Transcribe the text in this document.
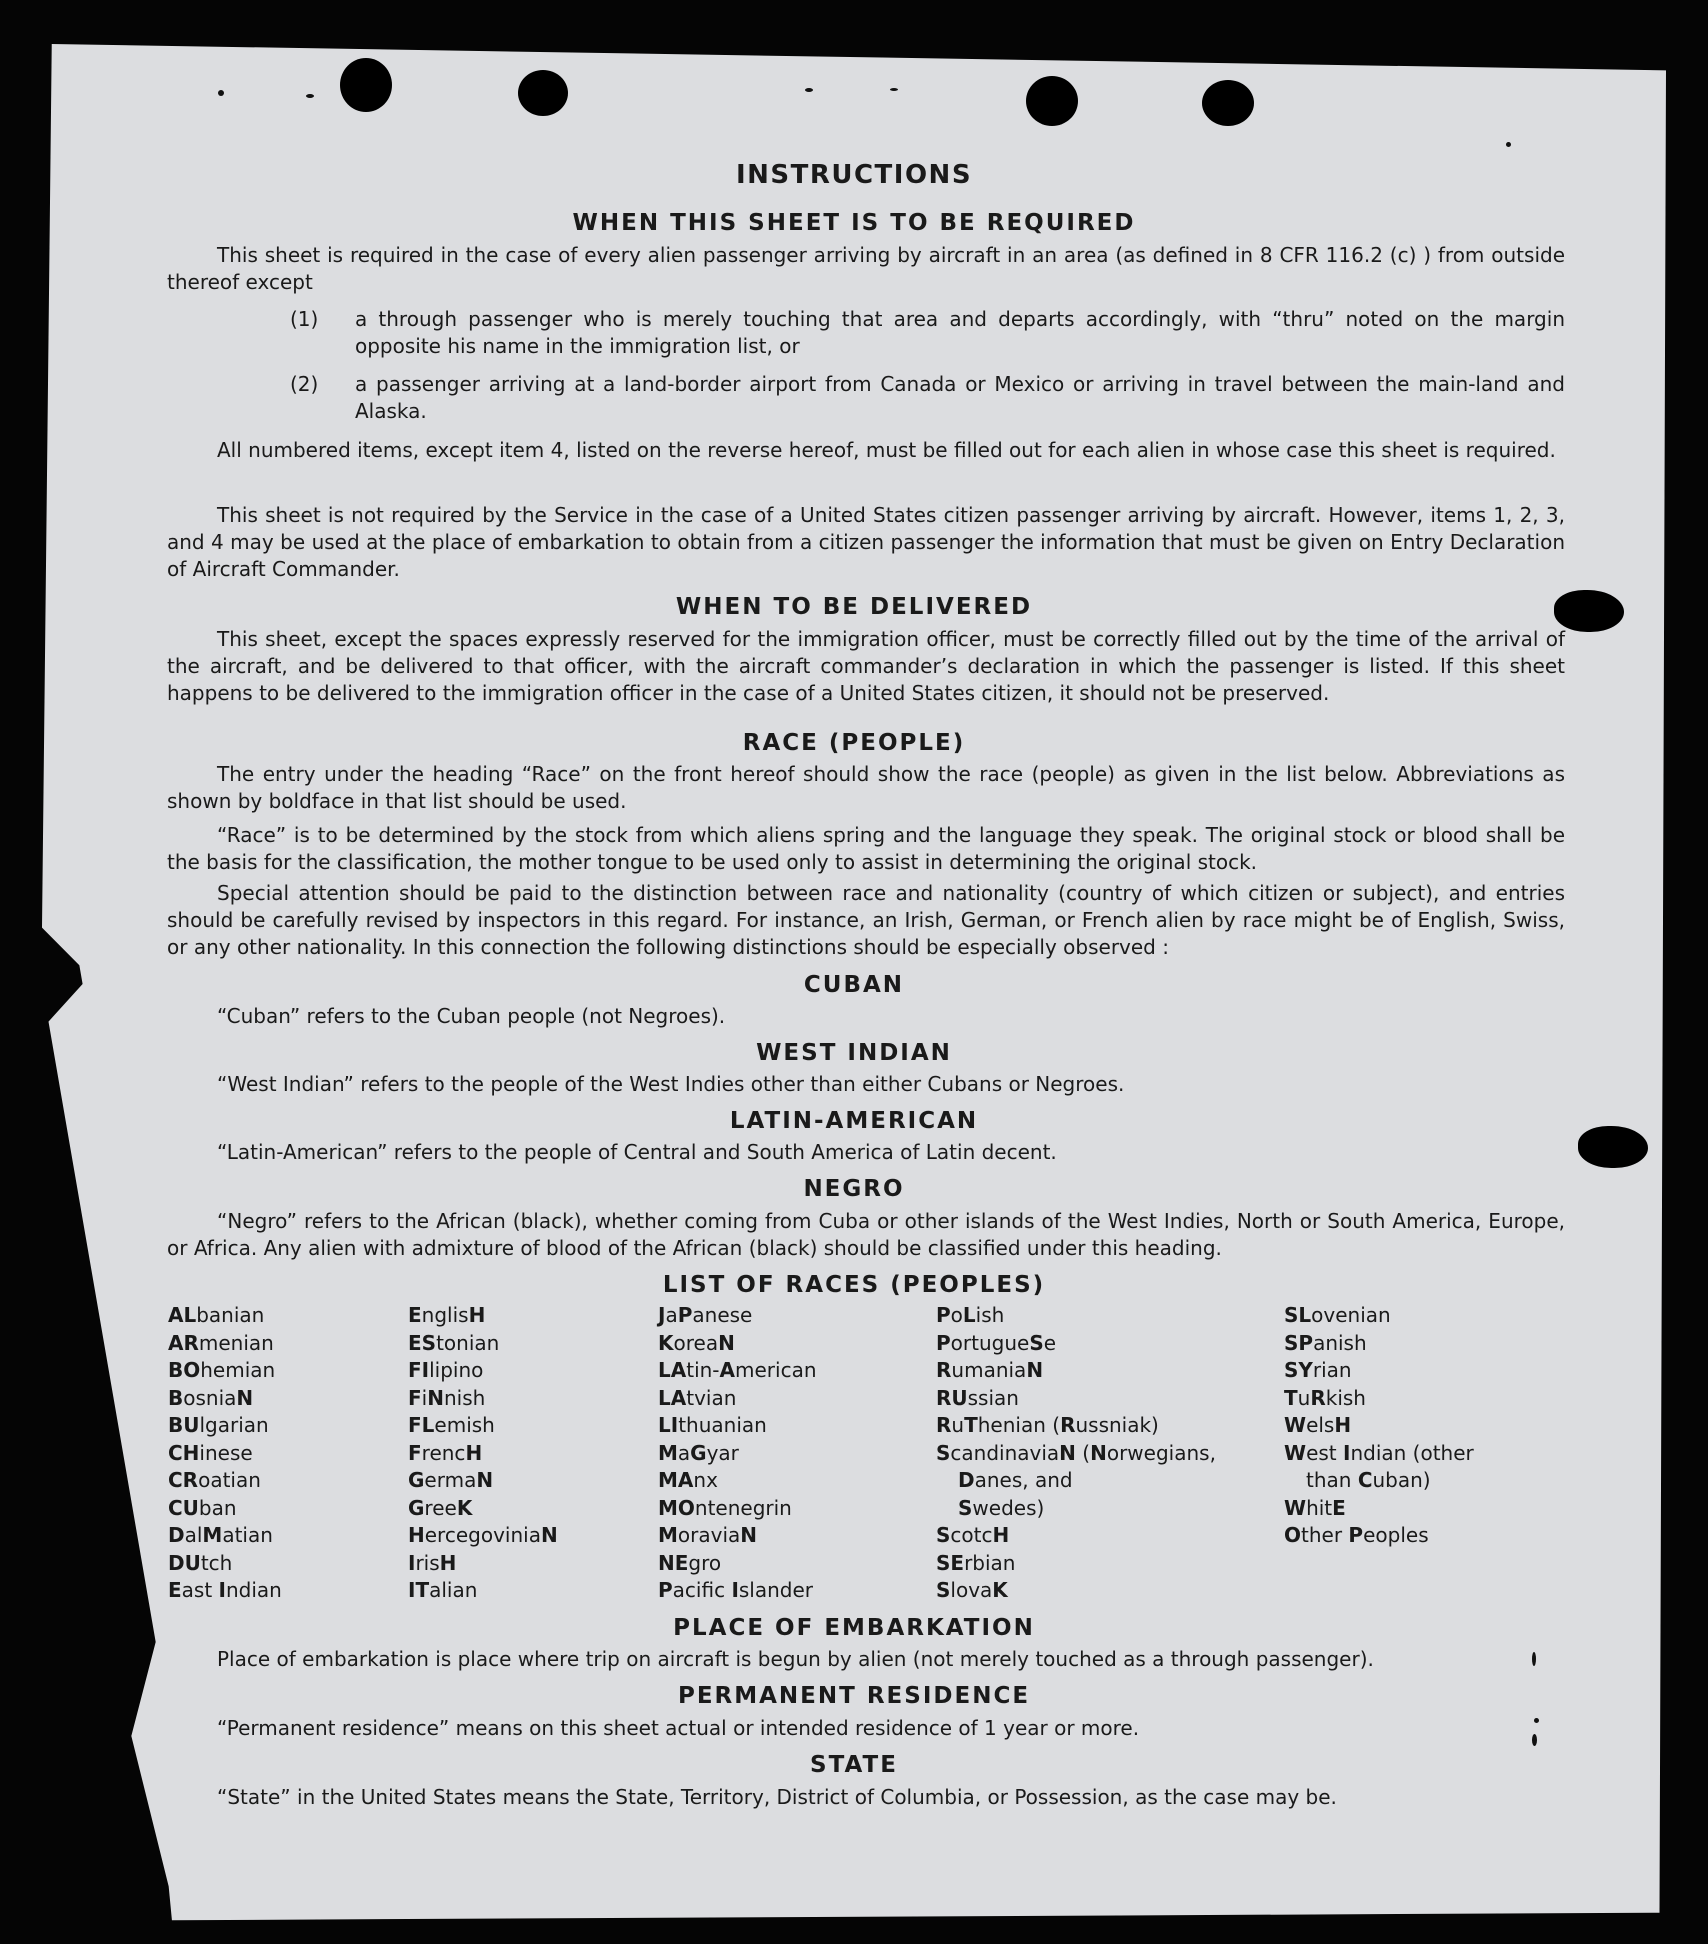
INSTRUCTIONS
WHEN THIS SHEET IS TO BE REQUIRED
This sheet is required in the case of every alien passenger arriving by aircraft in an area (as defined in 8 CFR 116.2 (c) ) from outside thereof except
(1) a through passenger who is merely touching that area and departs accordingly, with “thru” noted on the margin opposite his name in the immigration list, or
(2) a passenger arriving at a land-border airport from Canada or Mexico or arriving in travel between the main-land and Alaska.
All numbered items, except item 4, listed on the reverse hereof, must be filled out for each alien in whose case this sheet is required.
This sheet is not required by the Service in the case of a United States citizen passenger arriving by aircraft. However, items 1, 2, 3, and 4 may be used at the place of embarkation to obtain from a citizen passenger the information that must be given on Entry Declaration of Aircraft Commander.
WHEN TO BE DELIVERED
This sheet, except the spaces expressly reserved for the immigration officer, must be correctly filled out by the time of the arrival of the aircraft, and be delivered to that officer, with the aircraft commander’s declaration in which the passenger is listed. If this sheet happens to be delivered to the immigration officer in the case of a United States citizen, it should not be preserved.
RACE (PEOPLE)
The entry under the heading “Race” on the front hereof should show the race (people) as given in the list below. Abbreviations as shown by boldface in that list should be used.
“Race” is to be determined by the stock from which aliens spring and the language they speak. The original stock or blood shall be the basis for the classification, the mother tongue to be used only to assist in determining the original stock.
Special attention should be paid to the distinction between race and nationality (country of which citizen or subject), and entries should be carefully revised by inspectors in this regard. For instance, an Irish, German, or French alien by race might be of English, Swiss, or any other nationality. In this connection the following distinctions should be especially observed :
CUBAN
“Cuban” refers to the Cuban people (not Negroes).
WEST INDIAN
“West Indian” refers to the people of the West Indies other than either Cubans or Negroes.
LATIN-AMERICAN
“Latin-American” refers to the people of Central and South America of Latin decent.
NEGRO
“Negro” refers to the African (black), whether coming from Cuba or other islands of the West Indies, North or South America, Europe, or Africa. Any alien with admixture of blood of the African (black) should be classified under this heading.
LIST OF RACES (PEOPLES)
ALbanian
ARmenian
BOhemian
BosniaN
BUlgarian
CHinese
CRoatian
CUban
DalMatian
DUtch
East Indian
EnglisH
EStonian
FIlipino
FiNnish
FLemish
FrencH
GermaN
GreeK
HercegoviniaN
IrisH
ITalian
JaPanese
KoreaN
LAtin-American
LAtvian
LIthuanian
MaGyar
MAnx
MOntenegrin
MoraviaN
NEgro
Pacific Islander
PoLish
PortugueSe
RumaniaN
RUssian
RuThenian (Russniak)
ScandinaviaN (Norwegians,
Danes, and
Swedes)
ScotcH
SErbian
SlovaK
SLovenian
SPanish
SYrian
TuRkish
WelsH
West Indian (other
than Cuban)
WhitE
Other Peoples
PLACE OF EMBARKATION
Place of embarkation is place where trip on aircraft is begun by alien (not merely touched as a through passenger).
PERMANENT RESIDENCE
“Permanent residence” means on this sheet actual or intended residence of 1 year or more.
STATE
“State” in the United States means the State, Territory, District of Columbia, or Possession, as the case may be.
